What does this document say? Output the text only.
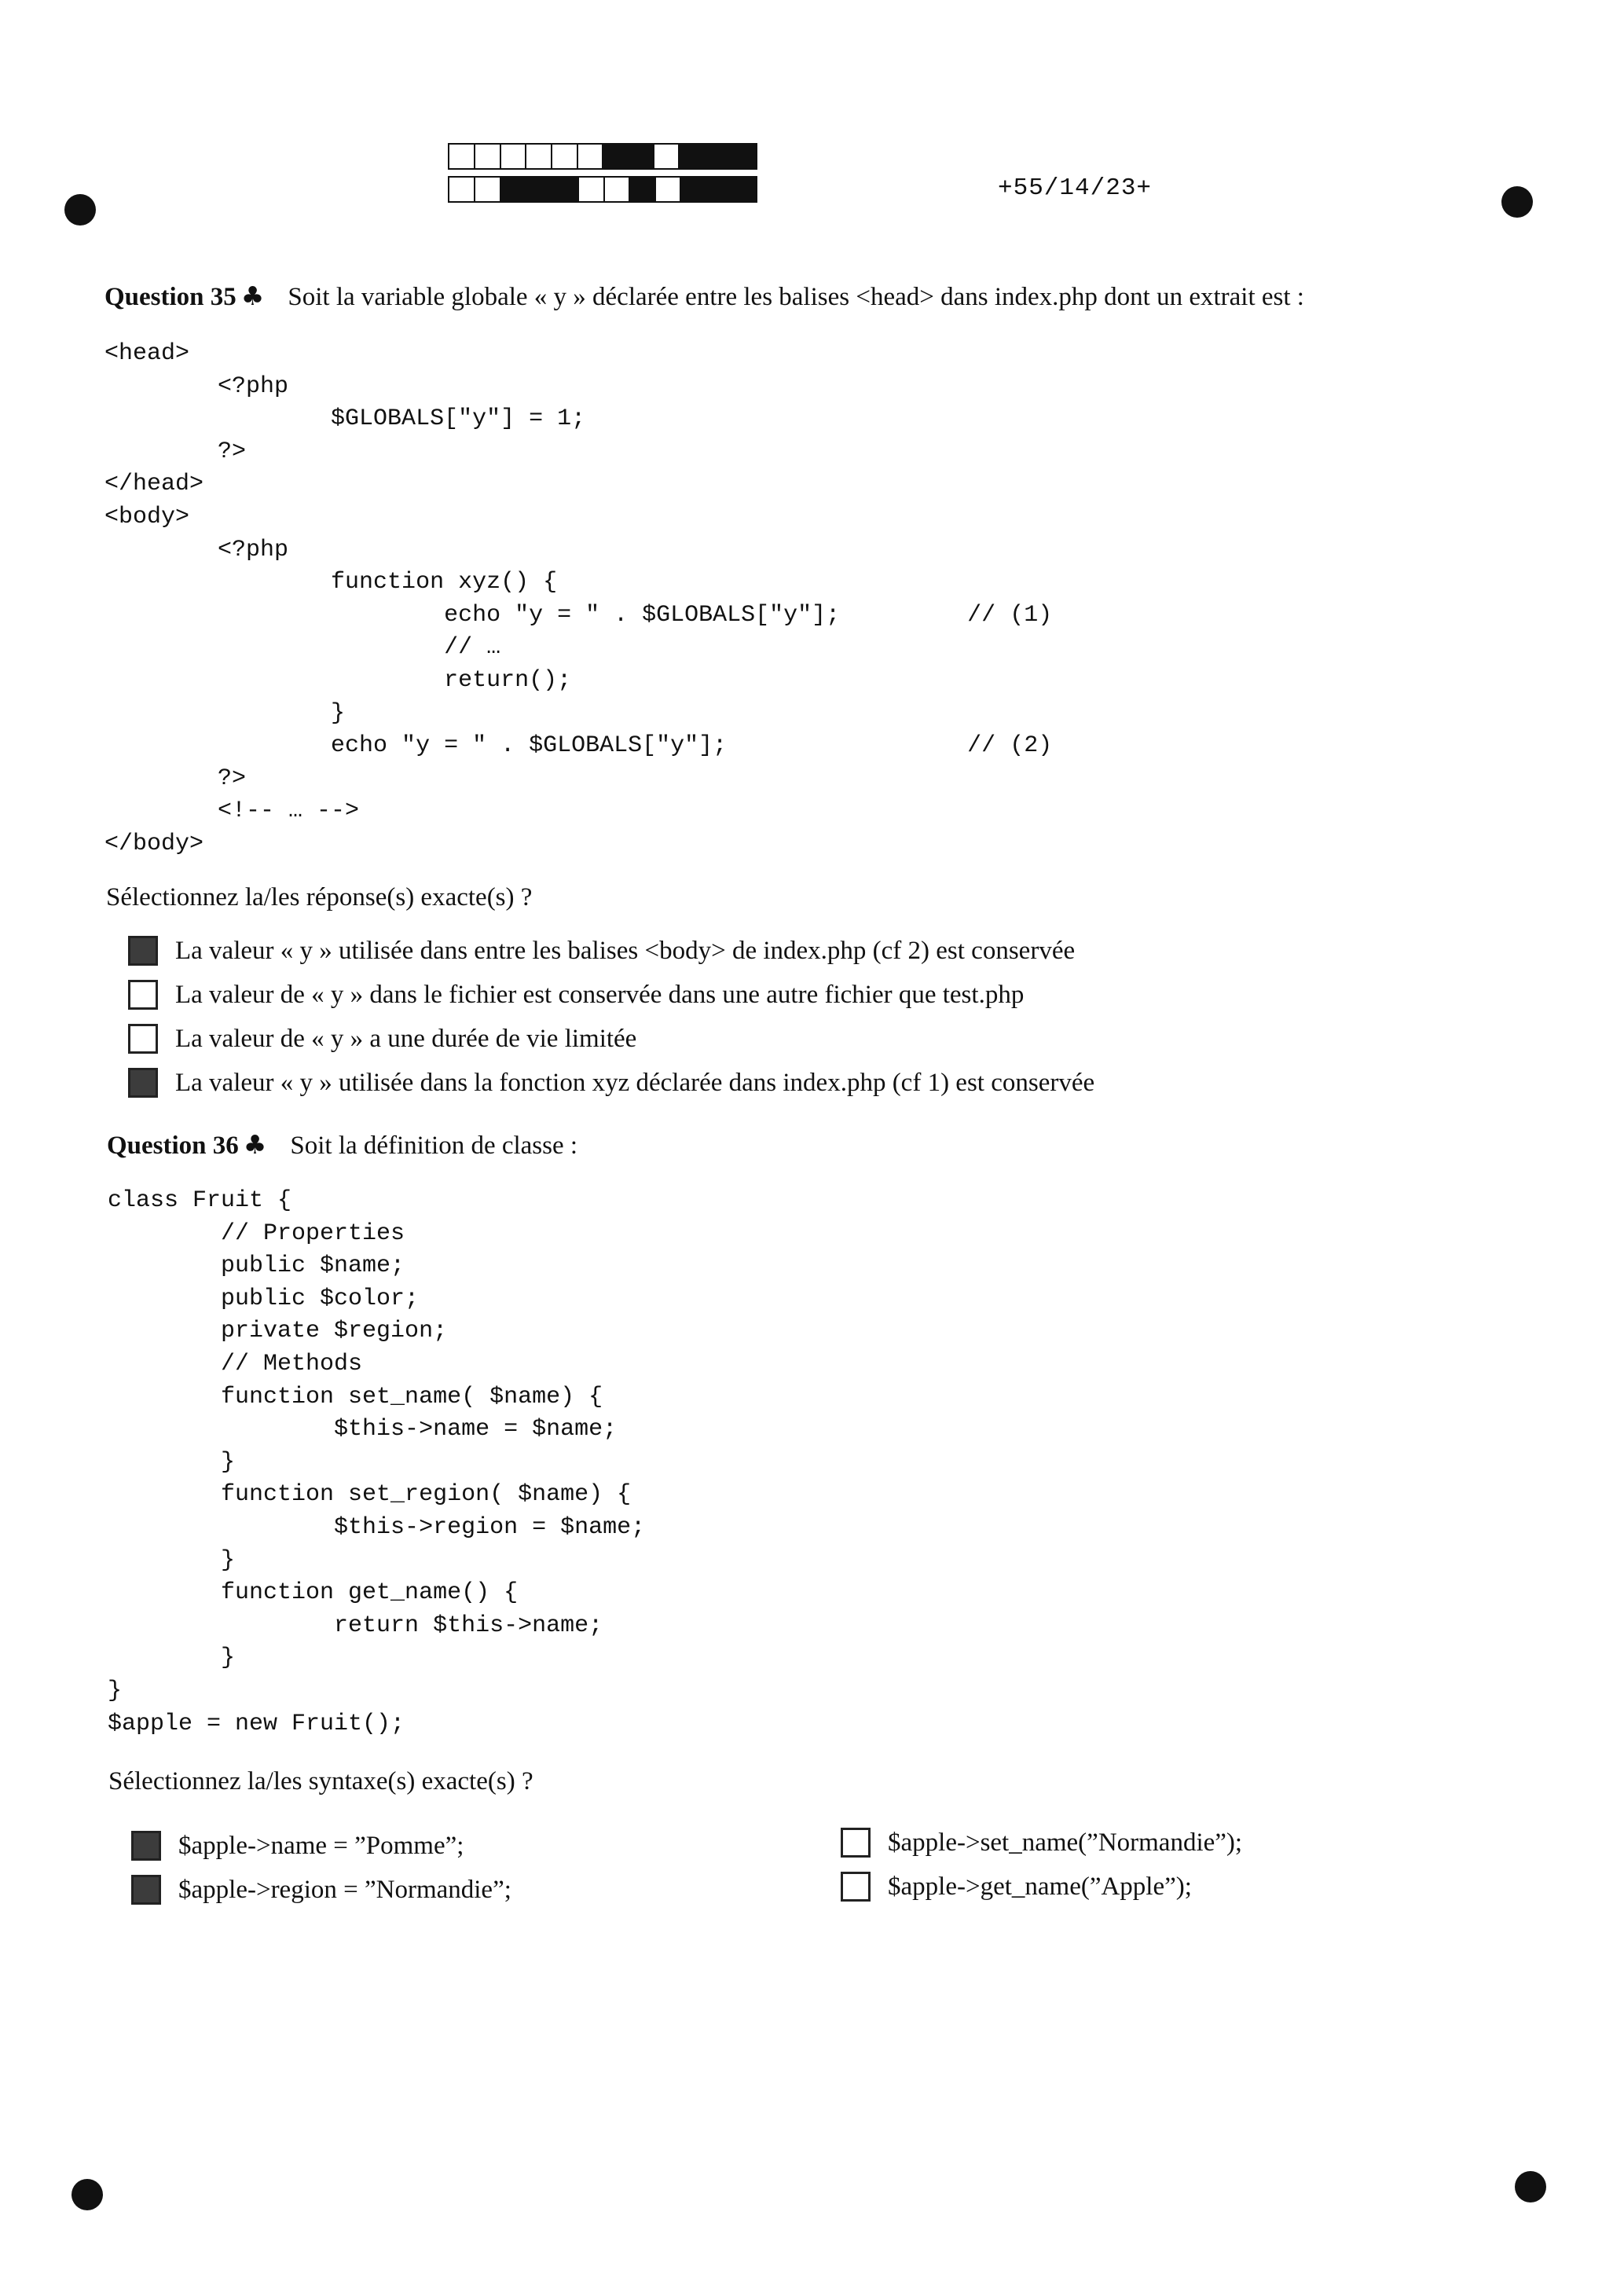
+55/14/23+
Question 35 ♣ Soit la variable globale « y » déclarée entre les balises <head> dans index.php dont un extrait est :
<head>
<?php
$GLOBALS["y"] = 1;
?>
</head>
<body>
<?php
function xyz() {
echo "y = " . $GLOBALS["y"];         // (1)
// …
return();
}
echo "y = " . $GLOBALS["y"];                 // (2)
?>
<!-- … -->
</body>
Sélectionnez la/les réponse(s) exacte(s) ?
La valeur « y » utilisée dans entre les balises <body> de index.php (cf 2) est conservée
La valeur de « y » dans le fichier est conservée dans une autre fichier que test.php
La valeur de « y » a une durée de vie limitée
La valeur « y » utilisée dans la fonction xyz déclarée dans index.php (cf 1) est conservée
Question 36 ♣ Soit la définition de classe :
class Fruit {
// Properties
public $name;
public $color;
private $region;
// Methods
function set_name( $name) {
$this->name = $name;
}
function set_region( $name) {
$this->region = $name;
}
function get_name() {
return $this->name;
}
}
$apple = new Fruit();
Sélectionnez la/les syntaxe(s) exacte(s) ?
$apple->name = ”Pomme”;
$apple->region = ”Normandie”;
$apple->set_name(”Normandie”);
$apple->get_name(”Apple”);
